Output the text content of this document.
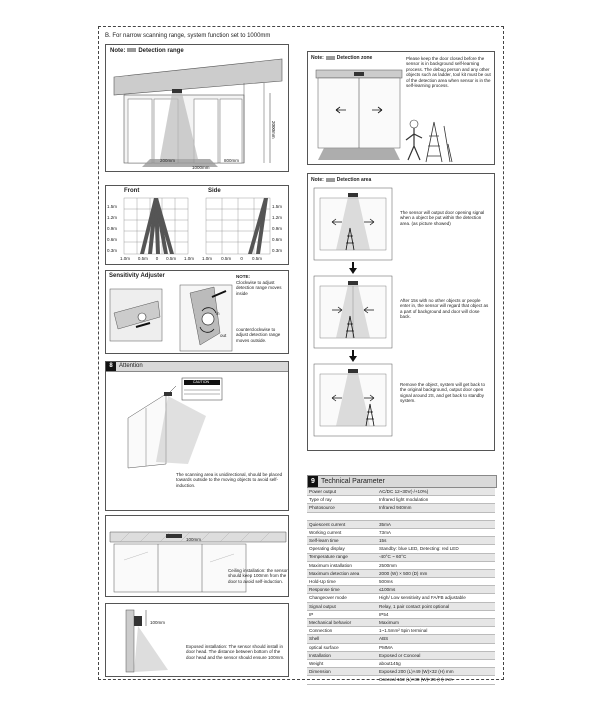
B. For narrow scanning range, system function set to 1000mm
Note: Detection range
2000mm
200mm	800mm
1000mm
Front	Side
1.5m
1.2m
0.9m
0.6m
0.3m
1.0m 0.5m 0 0.5m 1.0m
1.5m
1.2m
0.9m
0.6m
0.3m
1.0m 0.5m 0 0.5m
Sensitivity Adjuster
in
out
NOTE:
Clockwise to adjust detection range moves inside
counterclockwise to adjust detection range moves outside.
8 Attention
CAUTION
The scanning area is unidirectional, should be placed towards outside to the moving objects to avoid self-induction.
100mm
Ceiling installation: the sensor should keep 100mm from the door to avoid self-induction.
100mm
Exposed installation: The sensor should install in door head. The distance between bottom of the door head and the sensor should ensure 100mm.
Note:	Detection zone	Please keep the door closed before the sensor is in background self-learning process. The debug person and any other objects such as ladder, tool kit must be out of the detection area when sensor is in the self-learning process.
Note:	Detection area
The sensor will output door opening signal when a object be put within the detection area. (as picture showed)
After 15s with no other objects or people enter in, the sensor will regard that object as a part of background and door will close back.
Remove the object, system will get back to the original background, output door open signal around 2S, and get back to standby system.
9 Technical Parameter
Power output	AC/DC 12~30V(-/+10%)
Type of ray	Infrared light modulation
Photosource	Infrared 940mm

Quiescent current	35mA
Working current	73mA
Self-learn time	15s
Operating display	Standby: blue LED, Detecting: red LED
Temperature range	-40°C ~ 60°C
Maximum installation	2500mm
Maximum detection area	2000 (W) × 500 (D) mm
Hold-Up time	500ms
Response time	≤100ms
Changeover mode	High/ Low sensitivity and FA/FB adjustable
Signal output	Relay, 1 pair contact point optional
IP	IP54
Mechanical behavior	Maximum
Connection	1~1.5mm² 5pin terminal
Shell	ABS
optical surface	PMMA
Installation	Exposed or Conceal
Weight	about145g
Dimension	Exposed 200 (L)×49 (W)×32 (H) mm
	Conceal 152 (L)×38 (W)×25 (H) mm
